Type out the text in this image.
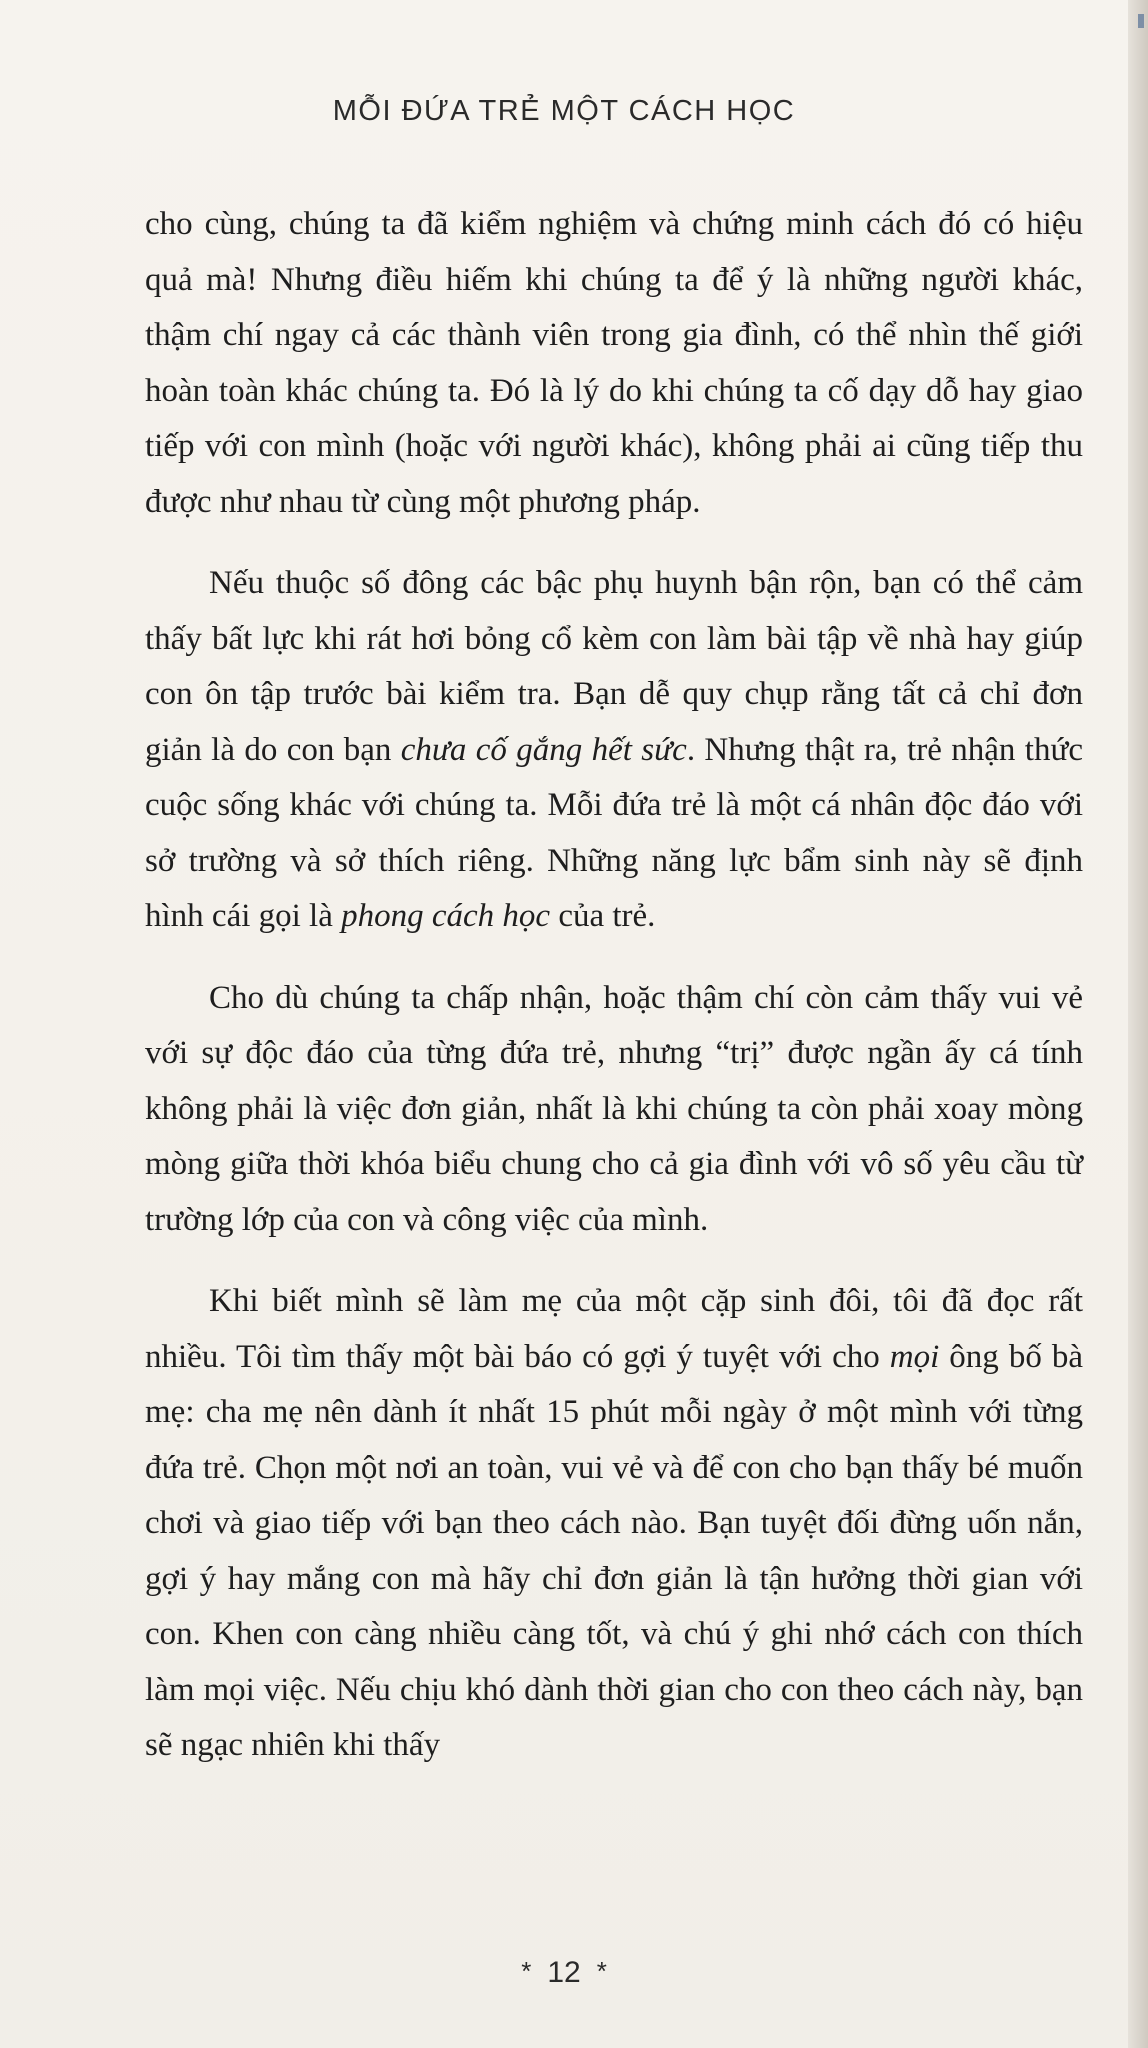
MỖI ĐỨA TRẺ MỘT CÁCH HỌC

cho cùng, chúng ta đã kiểm nghiệm và chứng minh cách đó có hiệu quả mà! Nhưng điều hiếm khi chúng ta để ý là những người khác, thậm chí ngay cả các thành viên trong gia đình, có thể nhìn thế giới hoàn toàn khác chúng ta. Đó là lý do khi chúng ta cố dạy dỗ hay giao tiếp với con mình (hoặc với người khác), không phải ai cũng tiếp thu được như nhau từ cùng một phương pháp.

Nếu thuộc số đông các bậc phụ huynh bận rộn, bạn có thể cảm thấy bất lực khi rát hơi bỏng cổ kèm con làm bài tập về nhà hay giúp con ôn tập trước bài kiểm tra. Bạn dễ quy chụp rằng tất cả chỉ đơn giản là do con bạn chưa cố gắng hết sức. Nhưng thật ra, trẻ nhận thức cuộc sống khác với chúng ta. Mỗi đứa trẻ là một cá nhân độc đáo với sở trường và sở thích riêng. Những năng lực bẩm sinh này sẽ định hình cái gọi là phong cách học của trẻ.

Cho dù chúng ta chấp nhận, hoặc thậm chí còn cảm thấy vui vẻ với sự độc đáo của từng đứa trẻ, nhưng “trị” được ngần ấy cá tính không phải là việc đơn giản, nhất là khi chúng ta còn phải xoay mòng mòng giữa thời khóa biểu chung cho cả gia đình với vô số yêu cầu từ trường lớp của con và công việc của mình.

Khi biết mình sẽ làm mẹ của một cặp sinh đôi, tôi đã đọc rất nhiều. Tôi tìm thấy một bài báo có gợi ý tuyệt với cho mọi ông bố bà mẹ: cha mẹ nên dành ít nhất 15 phút mỗi ngày ở một mình với từng đứa trẻ. Chọn một nơi an toàn, vui vẻ và để con cho bạn thấy bé muốn chơi và giao tiếp với bạn theo cách nào. Bạn tuyệt đối đừng uốn nắn, gợi ý hay mắng con mà hãy chỉ đơn giản là tận hưởng thời gian với con. Khen con càng nhiều càng tốt, và chú ý ghi nhớ cách con thích làm mọi việc. Nếu chịu khó dành thời gian cho con theo cách này, bạn sẽ ngạc nhiên khi thấy

* 12 *
